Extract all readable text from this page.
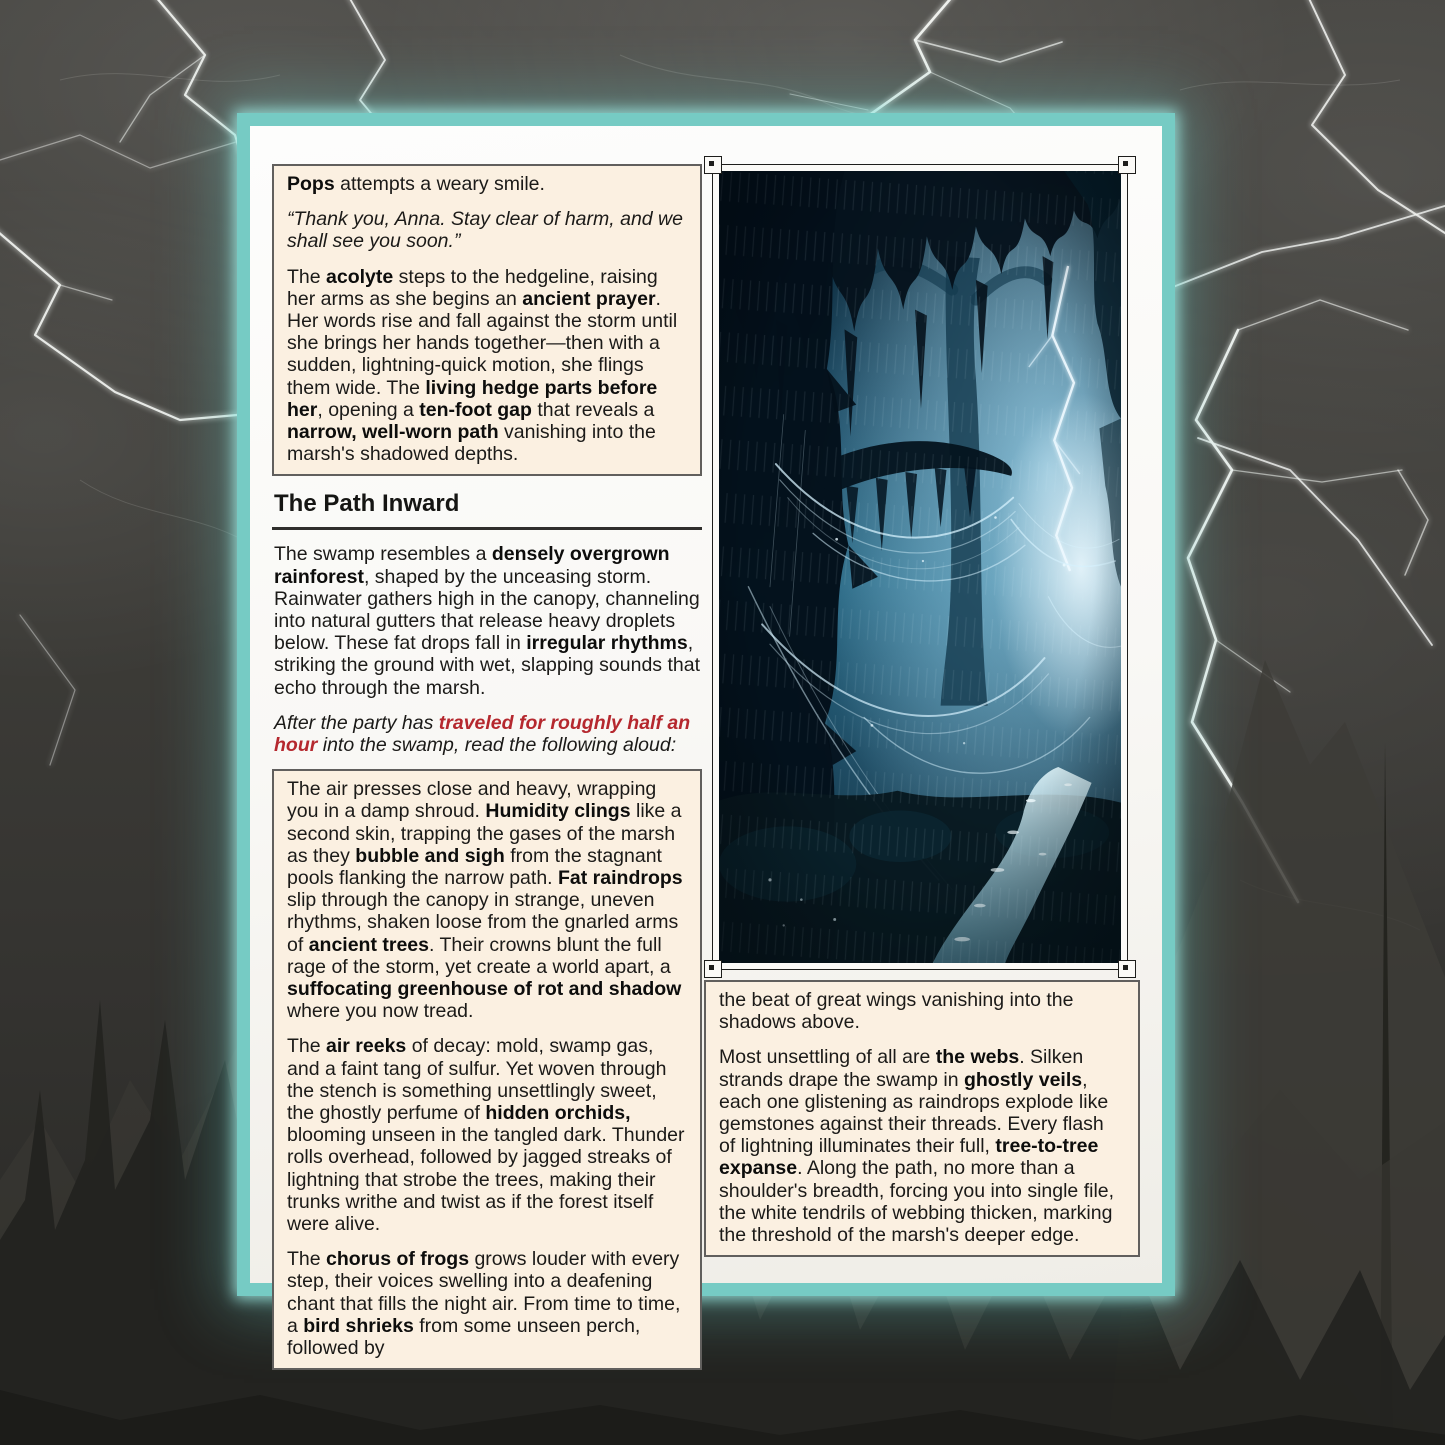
Pops attempts a weary smile.

“Thank you, Anna. Stay clear of harm, and we shall see you soon.”

The acolyte steps to the hedgeline, raising her arms as she begins an ancient prayer. Her words rise and fall against the storm until she brings her hands together—then with a sudden, lightning-quick motion, she flings them wide. The living hedge parts before her, opening a ten-foot gap that reveals a narrow, well-worn path vanishing into the marsh's shadowed depths.

The Path Inward

The swamp resembles a densely overgrown rainforest, shaped by the unceasing storm. Rainwater gathers high in the canopy, channeling into natural gutters that release heavy droplets below. These fat drops fall in irregular rhythms, striking the ground with wet, slapping sounds that echo through the marsh.

After the party has traveled for roughly half an hour into the swamp, read the following aloud:

The air presses close and heavy, wrapping you in a damp shroud. Humidity clings like a second skin, trapping the gases of the marsh as they bubble and sigh from the stagnant pools flanking the narrow path. Fat raindrops slip through the canopy in strange, uneven rhythms, shaken loose from the gnarled arms of ancient trees. Their crowns blunt the full rage of the storm, yet create a world apart, a suffocating greenhouse of rot and shadow where you now tread.

The air reeks of decay: mold, swamp gas, and a faint tang of sulfur. Yet woven through the stench is something unsettlingly sweet, the ghostly perfume of hidden orchids, blooming unseen in the tangled dark. Thunder rolls overhead, followed by jagged streaks of lightning that strobe the trees, making their trunks writhe and twist as if the forest itself were alive.

The chorus of frogs grows louder with every step, their voices swelling into a deafening chant that fills the night air. From time to time, a bird shrieks from some unseen perch, followed by

the beat of great wings vanishing into the shadows above.

Most unsettling of all are the webs. Silken strands drape the swamp in ghostly veils, each one glistening as raindrops explode like gemstones against their threads. Every flash of lightning illuminates their full, tree-to-tree expanse. Along the path, no more than a shoulder's breadth, forcing you into single file, the white tendrils of webbing thicken, marking the threshold of the marsh's deeper edge.
